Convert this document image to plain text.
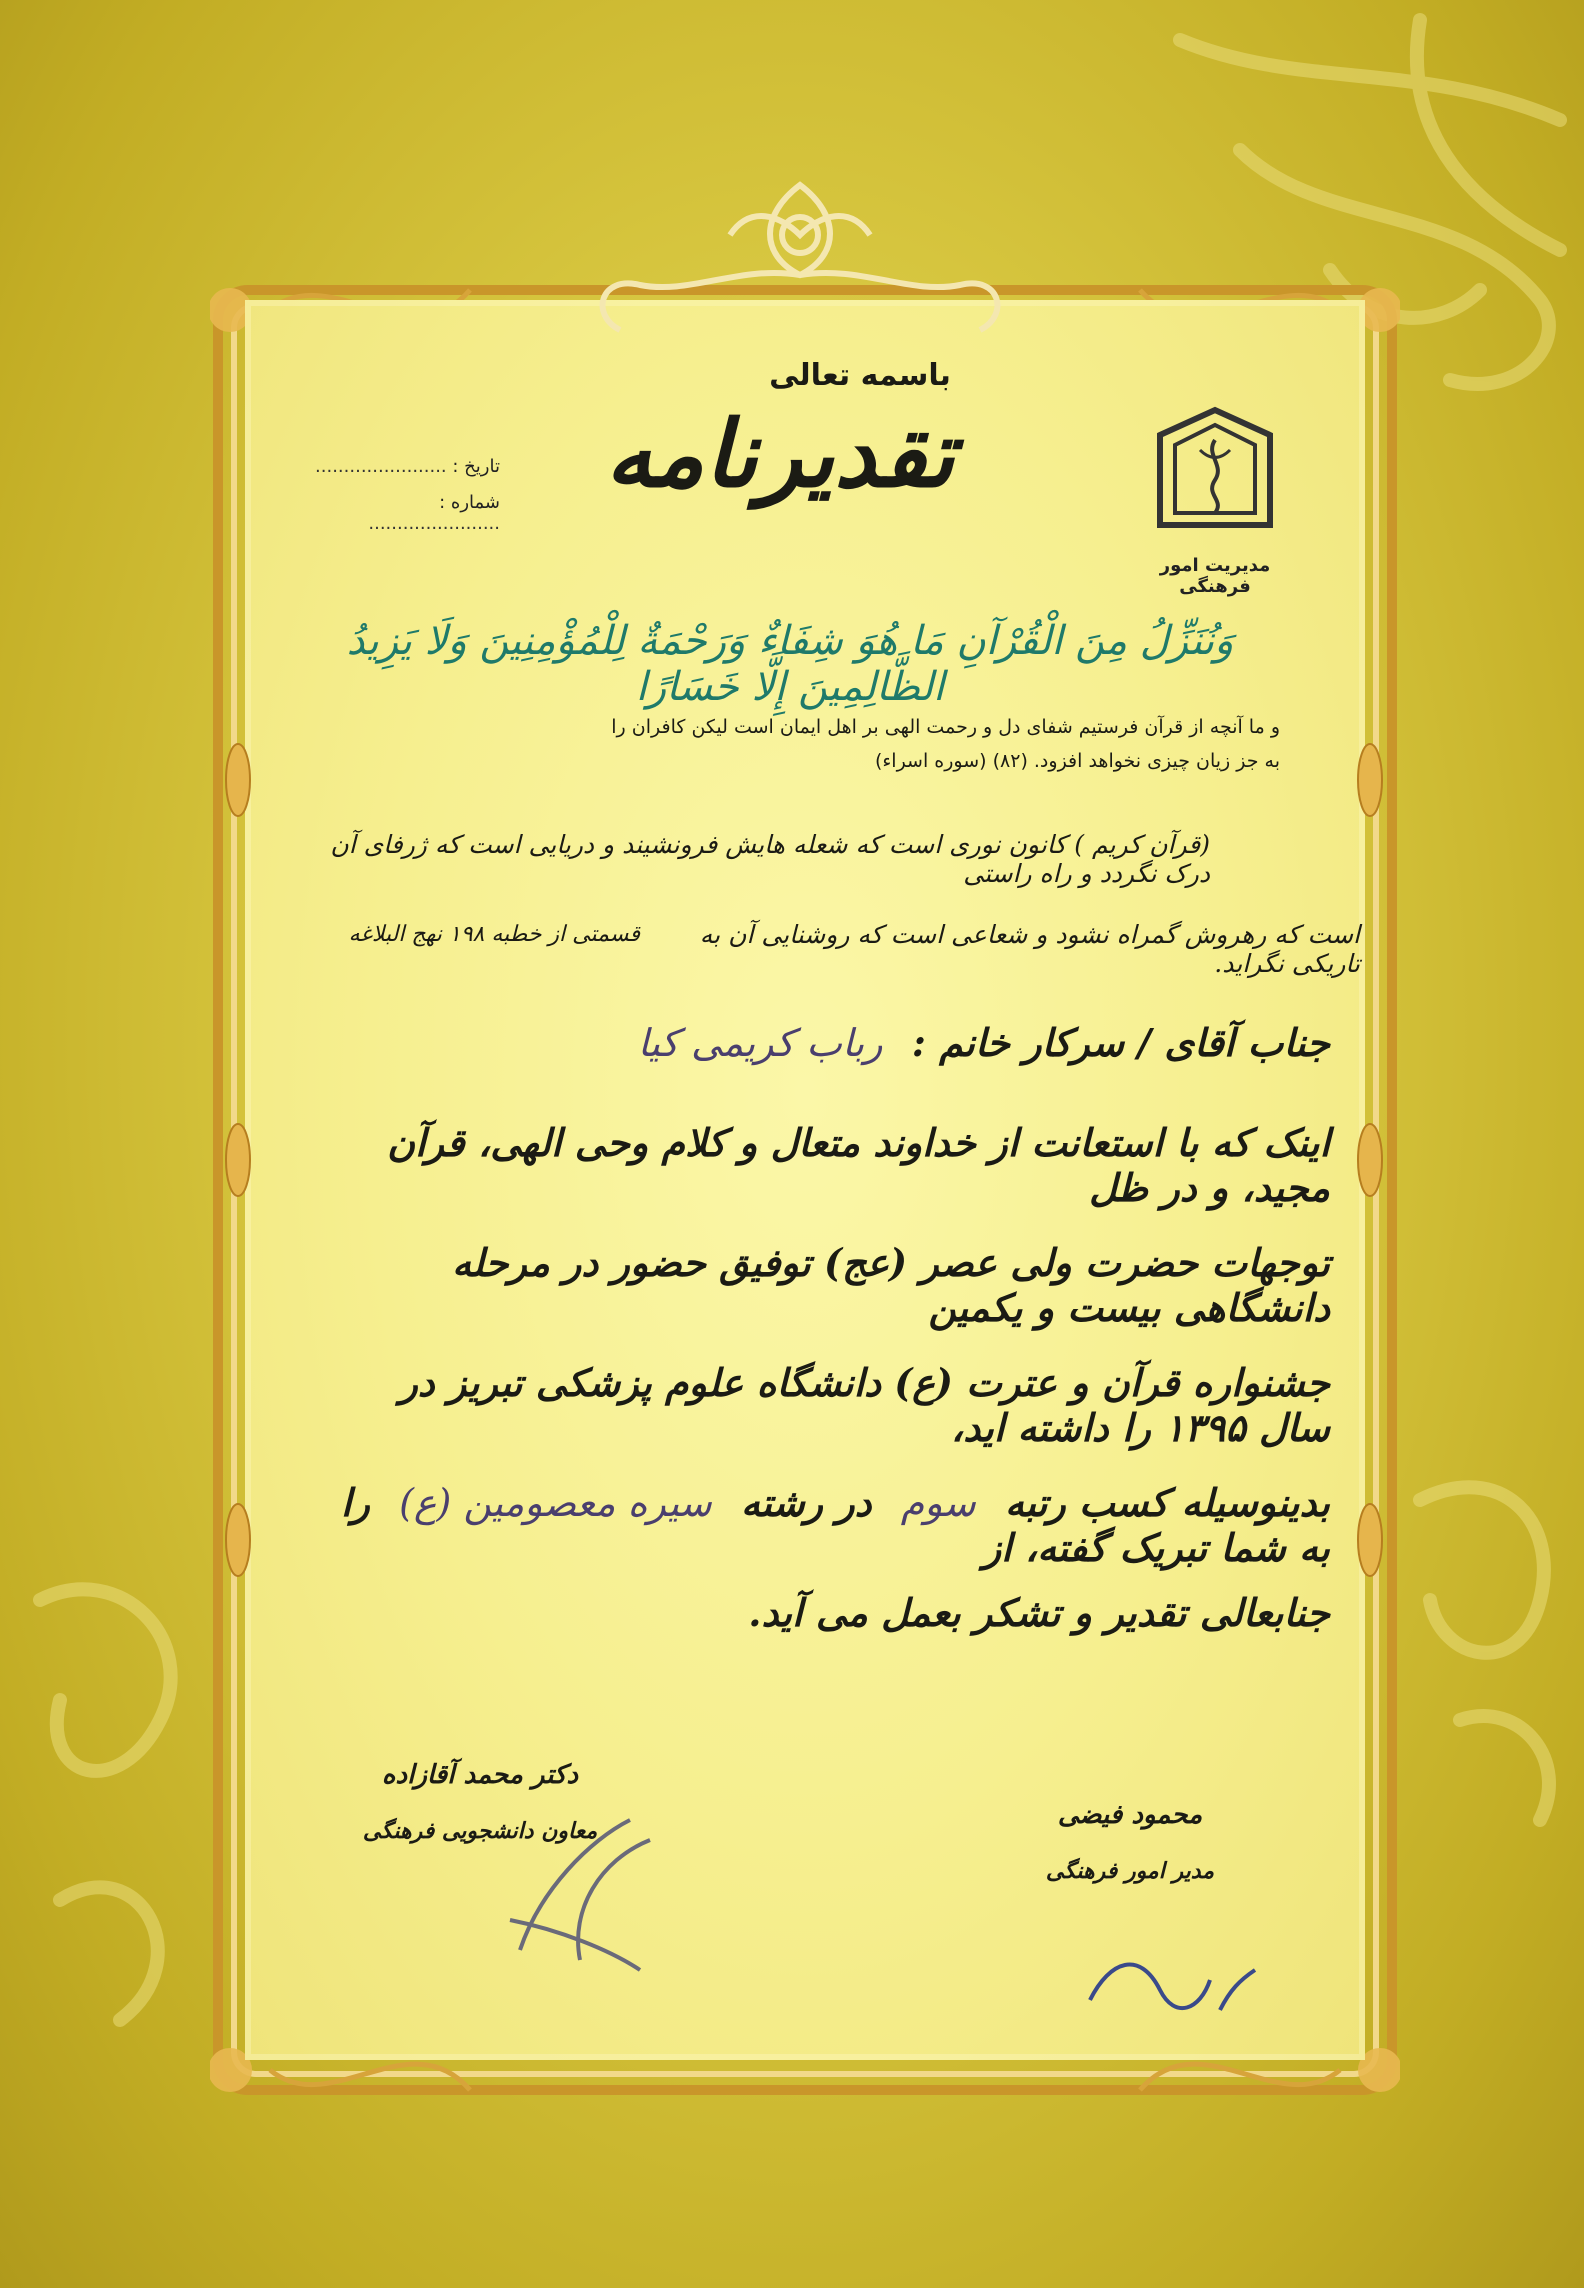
باسمه تعالی
تقدیرنامه
تاریخ : .......................
شماره : .......................
مدیریت امور فرهنگی
وَنُنَزِّلُ مِنَ الْقُرْآنِ مَا هُوَ شِفَاءٌ وَرَحْمَةٌ لِلْمُؤْمِنِينَ وَلَا يَزِيدُ الظَّالِمِينَ إِلَّا خَسَارًا
و ما آنچه از قرآن فرستیم شفای دل و رحمت الهی بر اهل ایمان است لیکن کافران را
به جز زیان چیزی نخواهد افزود. (۸۲) (سوره اسراء)
(قرآن کریم ) کانون نوری است که شعله هایش فرونشیند و دریایی است که ژرفای آن درک نگردد و راه راستی
است که رهروش گمراه نشود و شعاعی است که روشنایی آن به تاریکی نگراید.
قسمتی از خطبه ۱۹۸ نهج البلاغه
جناب آقای / سرکار خانم : رباب کریمی کیا
اینک که با استعانت از خداوند متعال و کلام وحی الهی، قرآن مجید، و در ظل
توجهات حضرت ولی عصر (عج) توفیق حضور در مرحله دانشگاهی بیست و یکمین
جشنواره قرآن و عترت (ع) دانشگاه علوم پزشکی تبریز در سال ۱۳۹۵ را داشته اید،
بدینوسیله کسب رتبه سوم در رشته سیره معصومین (ع) را به شما تبریک گفته، از
جنابعالی تقدیر و تشکر بعمل می آید.
دکتر محمد آقازاده
معاون دانشجویی فرهنگی
محمود فیضی
مدیر امور فرهنگی
